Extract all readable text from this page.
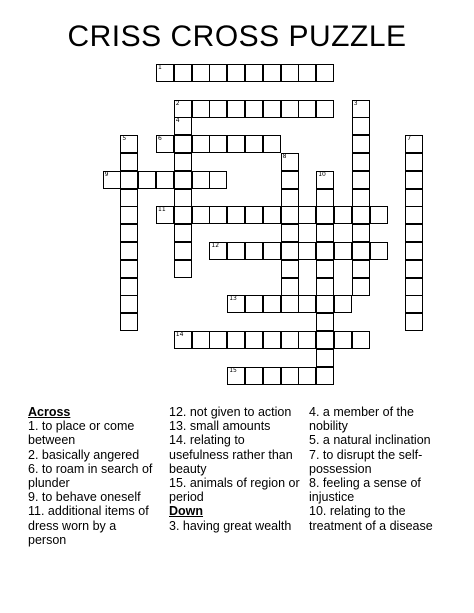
CRISS CROSS PUZZLE
1
2
6
9
11
12
13
14
15
3
4
5	7
8
10

Across

1. to place or come between

2. basically angered

6. to roam in search of plunder

9. to behave oneself

11. additional items of dress worn by a person

12. not given to action

13. small amounts

14. relating to usefulness rather than beauty

15. animals of region or period

Down

3. having great wealth

4. a member of the nobility

5. a natural inclination

7. to disrupt the self-possession

8. feeling a sense of injustice

10. relating to the treatment of a disease
